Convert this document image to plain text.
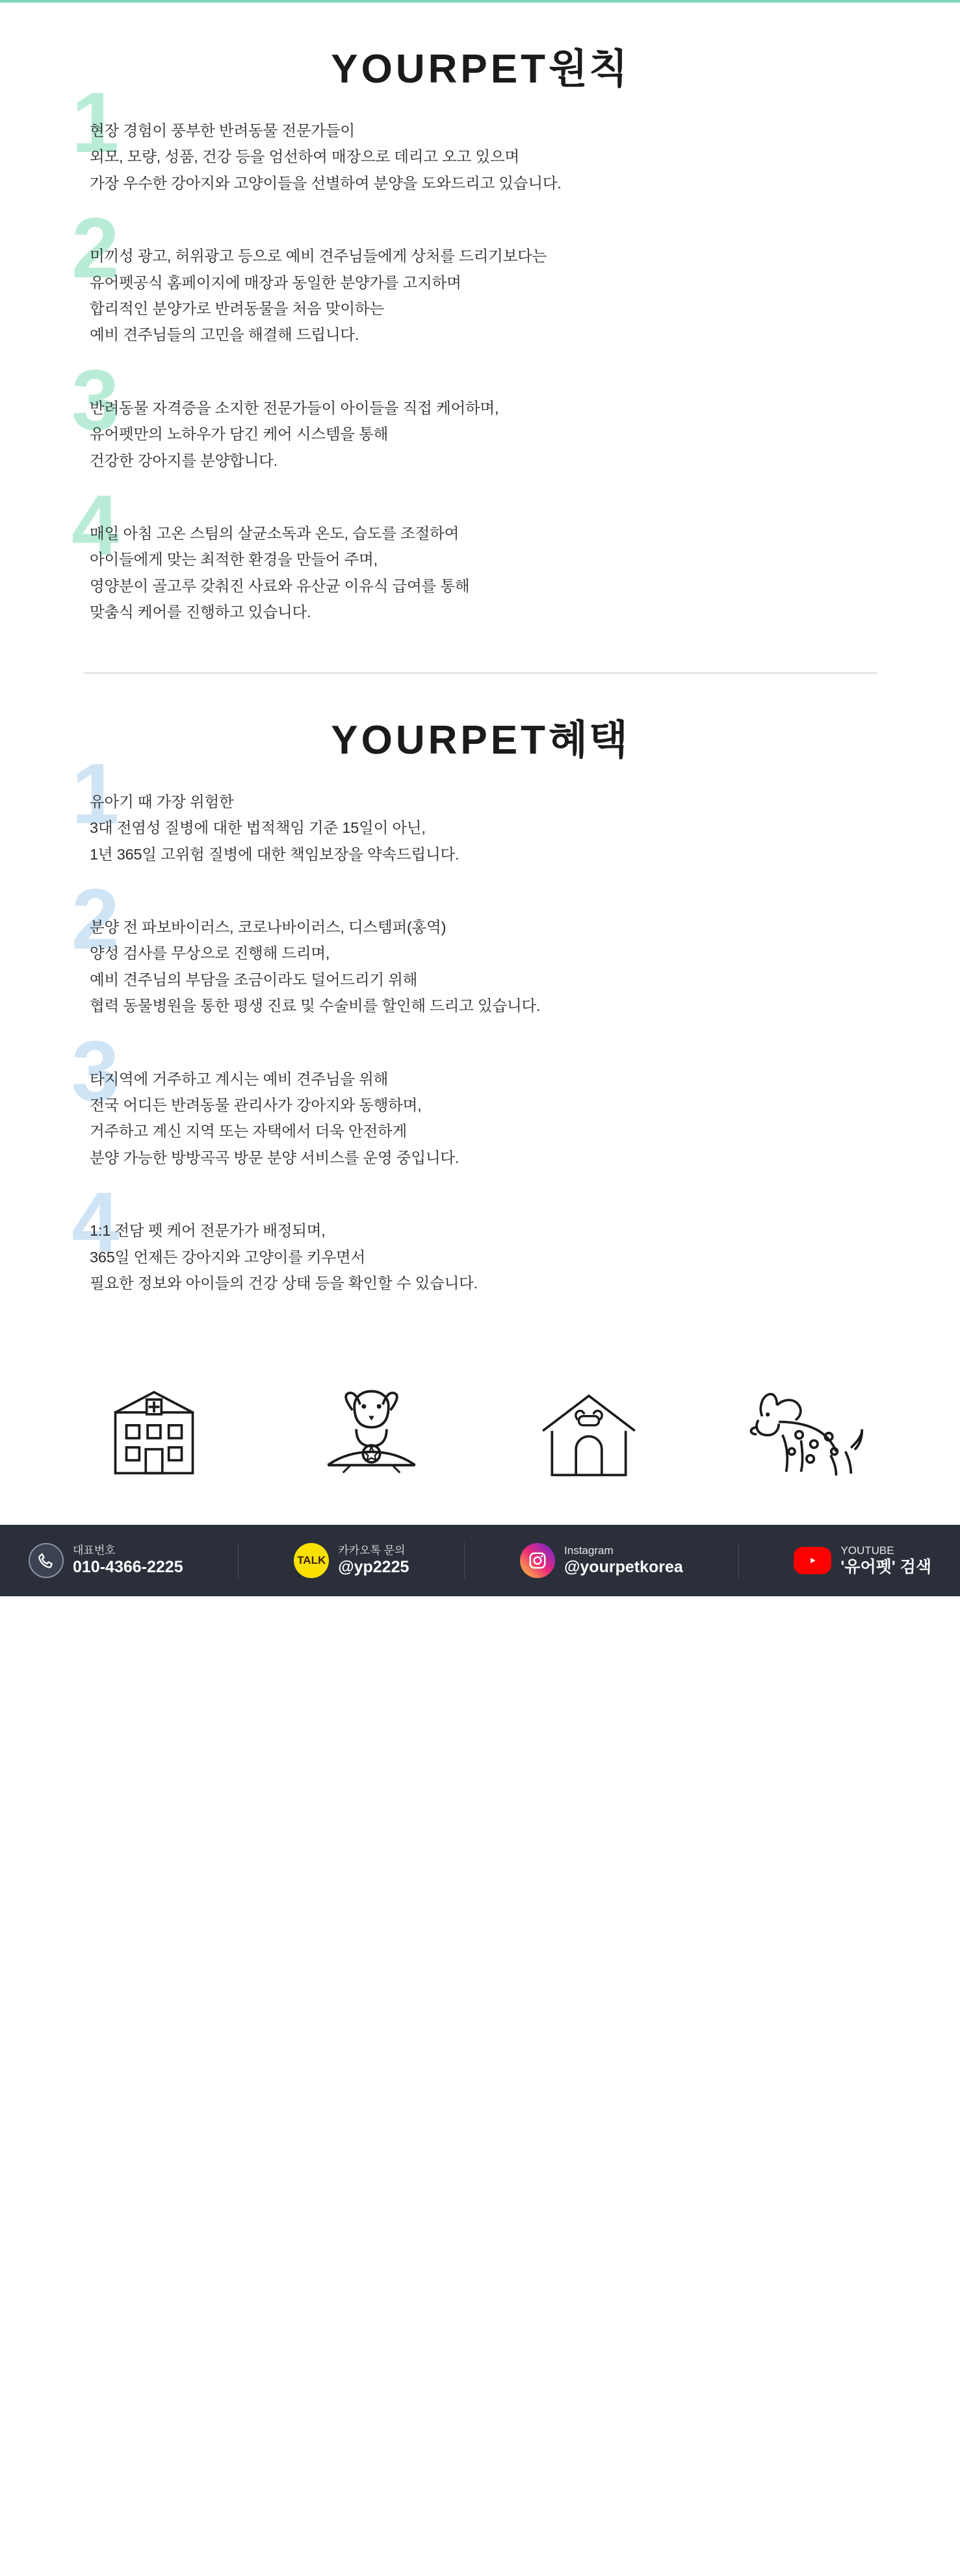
YOURPET원칙
1
현장 경험이 풍부한 반려동물 전문가들이
외모, 모량, 성품, 건강 등을 엄선하여 매장으로 데리고 오고 있으며
가장 우수한 강아지와 고양이들을 선별하여 분양을 도와드리고 있습니다.
2
미끼성 광고, 허위광고 등으로 예비 견주님들에게 상처를 드리기보다는
유어펫공식 홈페이지에 매장과 동일한 분양가를 고지하며
합리적인 분양가로 반려동물을 처음 맞이하는
예비 견주님들의 고민을 해결해 드립니다.
3
반려동물 자격증을 소지한 전문가들이 아이들을 직접 케어하며,
유어펫만의 노하우가 담긴 케어 시스템을 통해
건강한 강아지를 분양합니다.
4
매일 아침 고온 스팀의 살균소독과 온도, 습도를 조절하여
아이들에게 맞는 최적한 환경을 만들어 주며,
영양분이 골고루 갖춰진 사료와 유산균 이유식 급여를 통해
맞춤식 케어를 진행하고 있습니다.
YOURPET혜택
1
유아기 때 가장 위험한
3대 전염성 질병에 대한 법적책임 기준 15일이 아닌,
1년 365일 고위험 질병에 대한 책임보장을 약속드립니다.
2
분양 전 파보바이러스, 코로나바이러스, 디스템퍼(홍역)
양성 검사를 무상으로 진행해 드리며,
예비 견주님의 부담을 조금이라도 덜어드리기 위해
협력 동물병원을 통한 평생 진료 및 수술비를 할인해 드리고 있습니다.
3
타지역에 거주하고 계시는 예비 견주님을 위해
전국 어디든 반려동물 관리사가 강아지와 동행하며,
거주하고 계신 지역 또는 자택에서 더욱 안전하게
분양 가능한 방방곡곡 방문 분양 서비스를 운영 중입니다.
4
1:1 전담 펫 케어 전문가가 배정되며,
365일 언제든 강아지와 고양이를 키우면서
필요한 정보와 아이들의 건강 상태 등을 확인할 수 있습니다.
대표번호
010-4366-2225	TALK
카카오톡 문의
@yp2225
Instagram
@yourpetkorea
YOUTUBE
'유어펫' 검색
